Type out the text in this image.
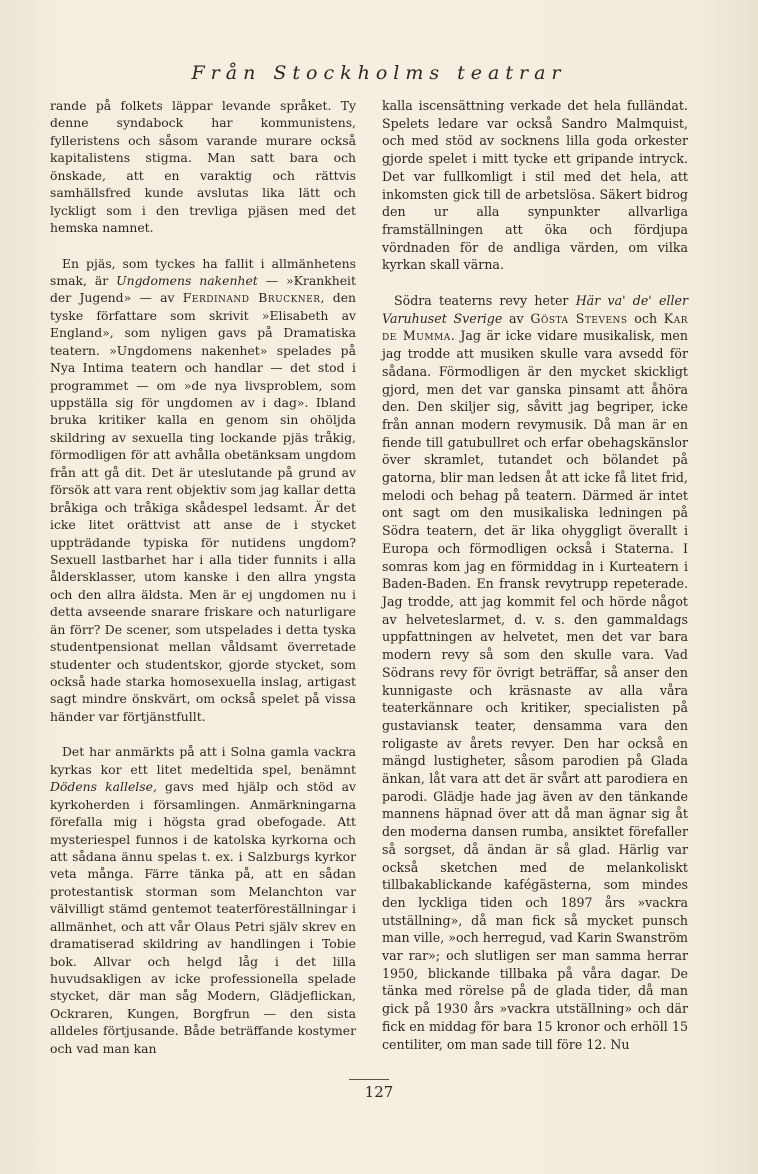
Från Stockholms teatrar

rande på folkets läppar levande språket. Ty denne syndabock har kommunistens, fylleristens och såsom varande murare också kapitalistens stigma. Man satt bara och önskade, att en varaktig och rättvis samhällsfred kunde avslutas lika lätt och lyckligt som i den trevliga pjäsen med det hemska namnet.

En pjäs, som tyckes ha fallit i allmänhetens smak, är Ungdomens nakenhet — »Krankheit der Jugend» — av Ferdinand Bruckner, den tyske författare som skrivit »Elisabeth av England», som nyligen gavs på Dramatiska teatern. »Ungdomens nakenhet» spelades på Nya Intima teatern och handlar — det stod i programmet — om »de nya livsproblem, som uppställa sig för ungdomen av i dag». Ibland bruka kritiker kalla en genom sin ohöljda skildring av sexuella ting lockande pjäs tråkig, förmodligen för att avhålla obetänksam ungdom från att gå dit. Det är uteslutande på grund av försök att vara rent objektiv som jag kallar detta bråkiga och tråkiga skådespel ledsamt. Är det icke litet orättvist att anse de i stycket uppträdande typiska för nutidens ungdom? Sexuell lastbarhet har i alla tider funnits i alla åldersklasser, utom kanske i den allra yngsta och den allra äldsta. Men är ej ungdomen nu i detta avseende snarare friskare och naturligare än förr? De scener, som utspelades i detta tyska studentpensionat mellan våldsamt överretade studenter och studentskor, gjorde stycket, som också hade starka homosexuella inslag, artigast sagt mindre önskvärt, om också spelet på vissa händer var förtjänstfullt.

Det har anmärkts på att i Solna gamla vackra kyrkas kor ett litet medeltida spel, benämnt Dödens kallelse, gavs med hjälp och stöd av kyrkoherden i församlingen. Anmärkningarna förefalla mig i högsta grad obefogade. Att mysteriespel funnos i de katolska kyrkorna och att sådana ännu spelas t. ex. i Salzburgs kyrkor veta många. Färre tänka på, att en sådan protestantisk storman som Melanchton var välvilligt stämd gentemot teaterföreställningar i allmänhet, och att vår Olaus Petri själv skrev en dramatiserad skildring av handlingen i Tobie bok. Allvar och helgd låg i det lilla huvudsakligen av icke professionella spelade stycket, där man såg Modern, Glädjeflickan, Ockraren, Kungen, Borgfrun — den sista alldeles förtjusande. Både beträffande kostymer och vad man kan

kalla iscensättning verkade det hela fulländat. Spelets ledare var också Sandro Malmquist, och med stöd av socknens lilla goda orkester gjorde spelet i mitt tycke ett gripande intryck. Det var fullkomligt i stil med det hela, att inkomsten gick till de arbetslösa. Säkert bidrog den ur alla synpunkter allvarliga framställningen att öka och fördjupa vördnaden för de andliga värden, om vilka kyrkan skall värna.

Södra teaterns revy heter Här va' de' eller Varuhuset Sverige av Gösta Stevens och Kar de Mumma. Jag är icke vidare musikalisk, men jag trodde att musiken skulle vara avsedd för sådana. Förmodligen är den mycket skickligt gjord, men det var ganska pinsamt att åhöra den. Den skiljer sig, såvitt jag begriper, icke från annan modern revymusik. Då man är en fiende till gatubullret och erfar obehagskänslor över skramlet, tutandet och bölandet på gatorna, blir man ledsen åt att icke få litet frid, melodi och behag på teatern. Därmed är intet ont sagt om den musikaliska ledningen på Södra teatern, det är lika ohyggligt överallt i Europa och förmodligen också i Staterna. I somras kom jag en förmiddag in i Kurteatern i Baden-Baden. En fransk revytrupp repeterade. Jag trodde, att jag kommit fel och hörde något av helveteslarmet, d. v. s. den gammaldags uppfattningen av helvetet, men det var bara modern revy så som den skulle vara. Vad Södrans revy för övrigt beträffar, så anser den kunnigaste och kräsnaste av alla våra teaterkännare och kritiker, specialisten på gustaviansk teater, densamma vara den roligaste av årets revyer. Den har också en mängd lustigheter, såsom parodien på Glada änkan, låt vara att det är svårt att parodiera en parodi. Glädje hade jag även av den tänkande mannens häpnad över att då man ägnar sig åt den moderna dansen rumba, ansiktet förefaller så sorgset, då ändan är så glad. Härlig var också sketchen med de melankoliskt tillbakablickande kafégästerna, som mindes den lyckliga tiden och 1897 års »vackra utställning», då man fick så mycket punsch man ville, »och herregud, vad Karin Swanström var rar»; och slutligen ser man samma herrar 1950, blickande tillbaka på våra dagar. De tänka med rörelse på de glada tider, då man gick på 1930 års »vackra utställning» och där fick en middag för bara 15 kronor och erhöll 15 centiliter, om man sade till före 12. Nu

127
